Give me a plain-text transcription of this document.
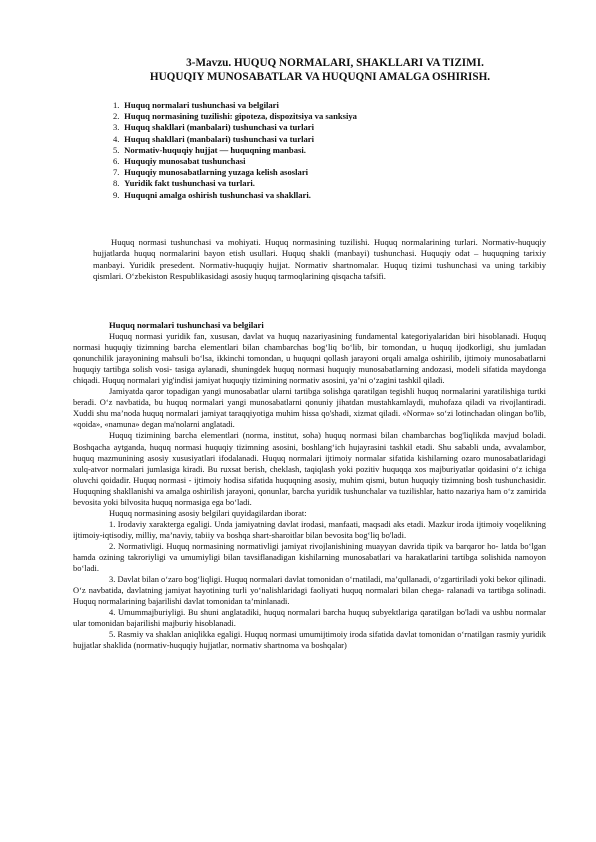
3-Mavzu. HUQUQ NORMALARI, SHAKLLARI VA TIZIMI.
HUQUQIY MUNOSABATLAR VA HUQUQNI AMALGA OSHIRISH.
1. Huquq normalari tushunchasi va belgilari
2. Huquq normasining tuzilishi: gipoteza, dispozitsiya va sanksiya
3. Huquq shakllari (manbalari) tushunchasi va turlari
4. Huquq shakllari (manbalari) tushunchasi va turlari
5. Normativ-huquqiy hujjat — huquqning manbasi.
6. Huquqiy munosabat tushunchasi
7. Huquqiy munosabatlarning yuzaga kelish asoslari
8. Yuridik fakt tushunchasi va turlari.
9. Huquqni amalga oshirish tushunchasi va shakllari.

Huquq normasi tushunchasi va mohiyati. Huquq normasining tuzilishi. Huquq normalarining turlari. Normativ-huquqiy hujjatlarda huquq normalarini bayon etish usullari. Huquq shakli (manbayi) tushunchasi. Huquqiy odat – huquqning tarixiy manbayi. Yuridik presedent. Normativ-huquqiy hujjat. Normativ shartnomalar. Huquq tizimi tushunchasi va uning tarkibiy qismlari. O‘zbekiston Respublikasidagi asosiy huquq tarmoqlarining qisqacha tafsifi.

Huquq normalari tushunchasi va belgilari

Huquq normasi yuridik fan, xususan, davlat va huquq nazariyasining fundamental kategoriyalaridan biri hisoblanadi. Huquq normasi huquqiy tizimning barcha elementlari bilan chambarchas bog‘liq bo‘lib, bir tomondan, u huquq ijodkorligi, shu jumladan qonunchilik jarayonining mahsuli bo‘lsa, ikkinchi tomondan, u huquqni qollash jarayoni orqali amalga oshirilib, ijtimoiy munosabatlarni huquqiy tartibga solish vosi- tasiga aylanadi, shuningdek huquq normasi huquqiy munosabatlarning andozasi, modeli sifatida maydonga chiqadi. Huquq normalari yig'indisi jamiyat huquqiy tizimining normativ asosini, ya’ni o‘zagini tashkil qiladi.

Jamiyatda qaror topadigan yangi munosabatlar ularni tartibga solishga qaratilgan tegishli huquq normalarini yaratilishiga turtki beradi. O‘z navbatida, bu huquq normalari yangi munosabatlarni qonuniy jihatdan mustahkamlaydi, muhofaza qiladi va rivojlantiradi. Xuddi shu ma’noda huquq normalari jamiyat taraqqiyotiga muhim hissa qo'shadi, xizmat qiladi. «Norma» so‘zi lotinchadan olingan bo'lib, «qoida», «namuna» degan ma'nolarni anglatadi.

Huquq tizimining barcha elementlari (norma, institut, soha) huquq normasi bilan chambarchas bog'liqlikda mavjud boladi. Boshqacha aytganda, huquq normasi huquqiy tizimning asosini, boshlang‘ich hujayrasini tashkil etadi. Shu sababli unda, avvalambor, huquq mazmunining asosiy xususiyatlari ifodalanadi. Huquq normalari ijtimoiy normalar sifatida kishilarning ozaro munosabatlaridagi xulq-atvor normalari jumlasiga kiradi. Bu ruxsat berish, cheklash, taqiqlash yoki pozitiv huquqqa xos majburiyatlar qoidasini o‘z ichiga oluvchi qoidadir. Huquq normasi - ijtimoiy hodisa sifatida huquqning asosiy, muhim qismi, butun huquqiy tizimning bosh tushunchasidir. Huquqning shakllanishi va amalga oshirilish jarayoni, qonunlar, barcha yuridik tushunchalar va tuzilishlar, hatto nazariya ham o‘z zamirida bevosita yoki bilvosita huquq normasiga ega bo‘ladi.

Huquq normasining asosiy belgilari quyidagilardan iborat:

1. Irodaviy xarakterga egaligi. Unda jamiyatning davlat irodasi, manfaati, maqsadi aks etadi. Mazkur iroda ijtimoiy voqelikning ijtimoiy-iqtisodiy, milliy, ma’naviy, tabiiy va boshqa shart-sharoitlar bilan bevosita bog‘liq bo'ladi.

2. Normativligi. Huquq normasining normativligi jamiyat rivojlanishining muayyan davrida tipik va barqaror ho- latda bo‘lgan hamda ozining takroriyligi va umumiyligi bilan tavsiflanadigan kishilarning munosabatlari va harakatlarini tartibga solishida namoyon bo‘ladi.

3. Davlat bilan o‘zaro bog‘liqligi. Huquq normalari davlat tomonidan o‘rnatiladi, ma’qullanadi, o‘zgartiriladi yoki bekor qilinadi. O‘z navbatida, davlatning jamiyat hayotining turli yo‘nalishlaridagi faoliyati huquq normalari bilan chega- ralanadi va tartibga solinadi. Huquq normalarining bajarilishi davlat tomonidan ta’minlanadi.

4. Umummajburiyligi. Bu shuni anglatadiki, huquq normalari barcha huquq subyektlariga qaratilgan bo'ladi va ushbu normalar ular tomonidan bajarilishi majburiy hisoblanadi.

5. Rasmiy va shaklan aniqlikka egaligi. Huquq normasi umumijtimoiy iroda sifatida davlat tomonidan o‘rnatilgan rasmiy yuridik hujjatlar shaklida (normativ-huquqiy hujjatlar, normativ shartnoma va boshqalar)
